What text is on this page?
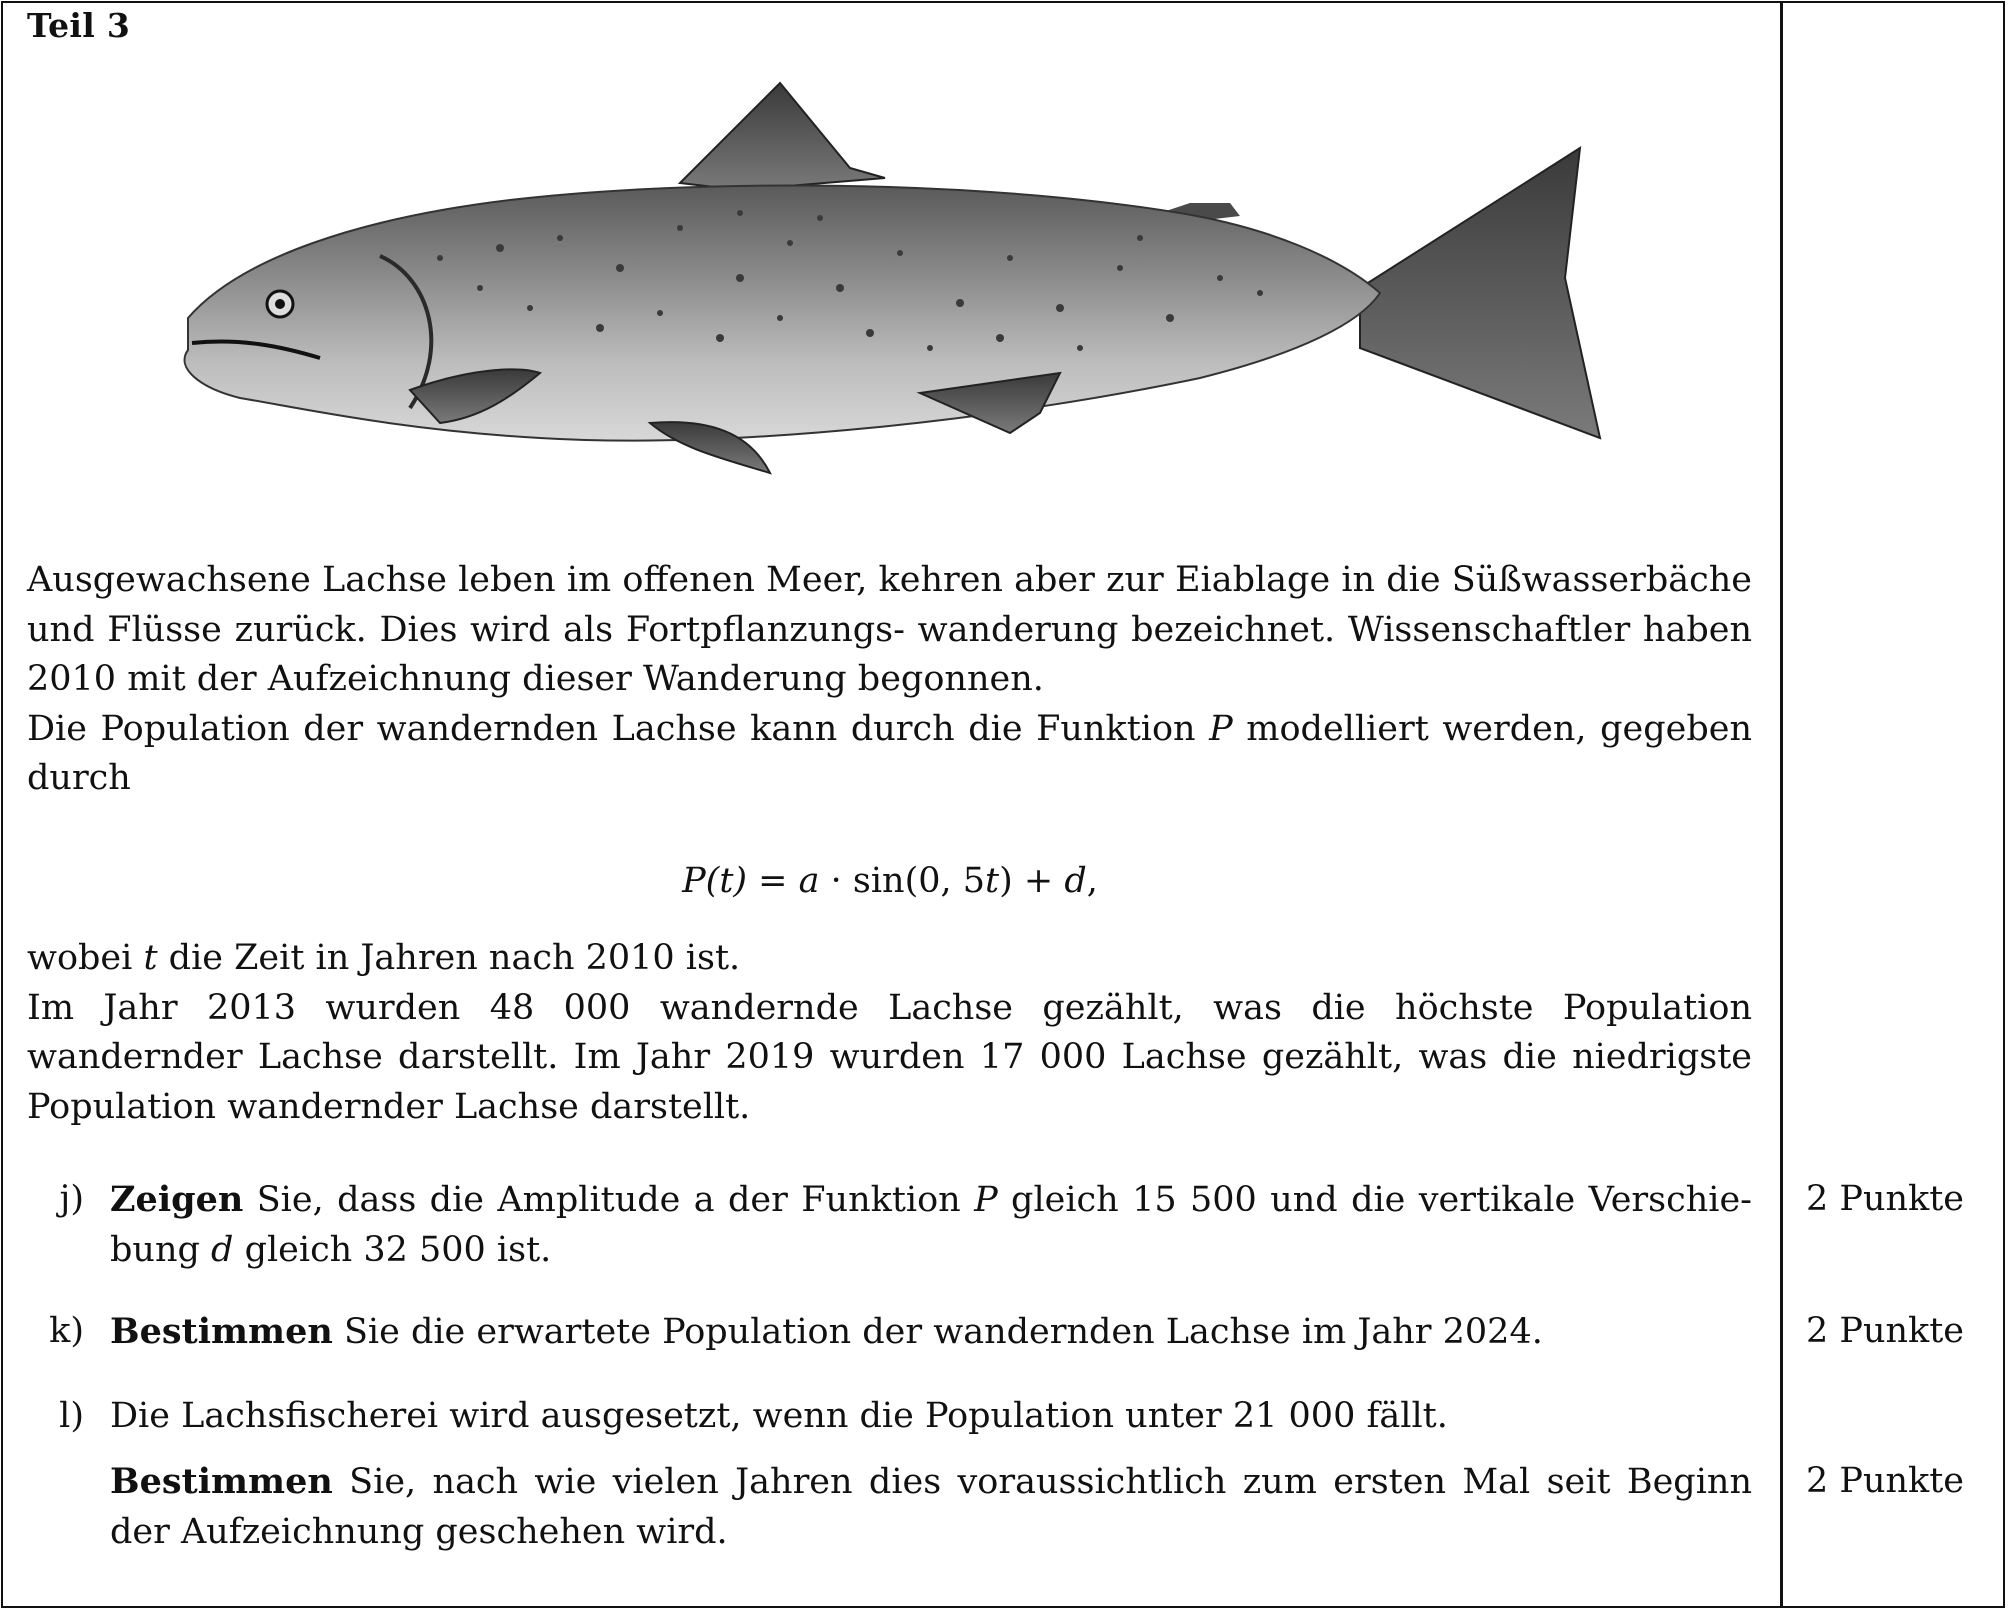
Teil 3

Ausgewachsene Lachse leben im offenen Meer, kehren aber zur Eiablage in die Süßwasserbäche und Flüsse zurück. Dies wird als Fortpflanzungs- wanderung bezeichnet. Wissenschaftler haben 2010 mit der Aufzeichnung dieser Wanderung begonnen.

Die Population der wandernden Lachse kann durch die Funktion P modelliert werden, gegeben durch

P(t) = a · sin(0, 5t) + d,

wobei t die Zeit in Jahren nach 2010 ist.

Im Jahr 2013 wurden 48 000 wandernde Lachse gezählt, was die höchste Population wandernder Lachse darstellt. Im Jahr 2019 wurden 17 000 Lachse gezählt, was die niedrigste Population wandernder Lachse darstellt.

j) Zeigen Sie, dass die Amplitude a der Funktion P gleich 15 500 und die vertikale Verschiebung d gleich 32 500 ist.
2 Punkte
k) Bestimmen Sie die erwartete Population der wandernden Lachse im Jahr 2024.	2 Punkte
l) Die Lachsfischerei wird ausgesetzt, wenn die Population unter 21 000 fällt.
Bestimmen Sie, nach wie vielen Jahren dies voraussichtlich zum ersten Mal seit Beginn der Aufzeichnung geschehen wird.
2 Punkte
